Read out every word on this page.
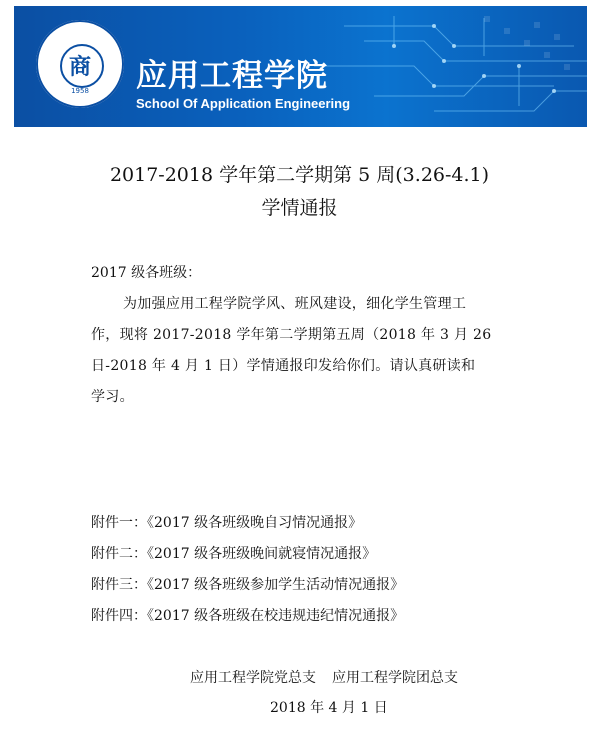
商
1958	应用工程学院
School Of Application Engineering
2017-2018 学年第二学期第 5 周(3.26-4.1)
学情通报
2017 级各班级：
为加强应用工程学院学风、班风建设，细化学生管理工
作，现将 2017-2018 学年第二学期第五周（2018 年 3 月 26
日-2018 年 4 月 1 日）学情通报印发给你们。请认真研读和
学习。
附件一：《2017 级各班级晚自习情况通报》
附件二：《2017 级各班级晚间就寝情况通报》
附件三：《2017 级各班级参加学生活动情况通报》
附件四：《2017 级各班级在校违规违纪情况通报》
应用工程学院党总支 应用工程学院团总支
2018 年 4 月 1 日
